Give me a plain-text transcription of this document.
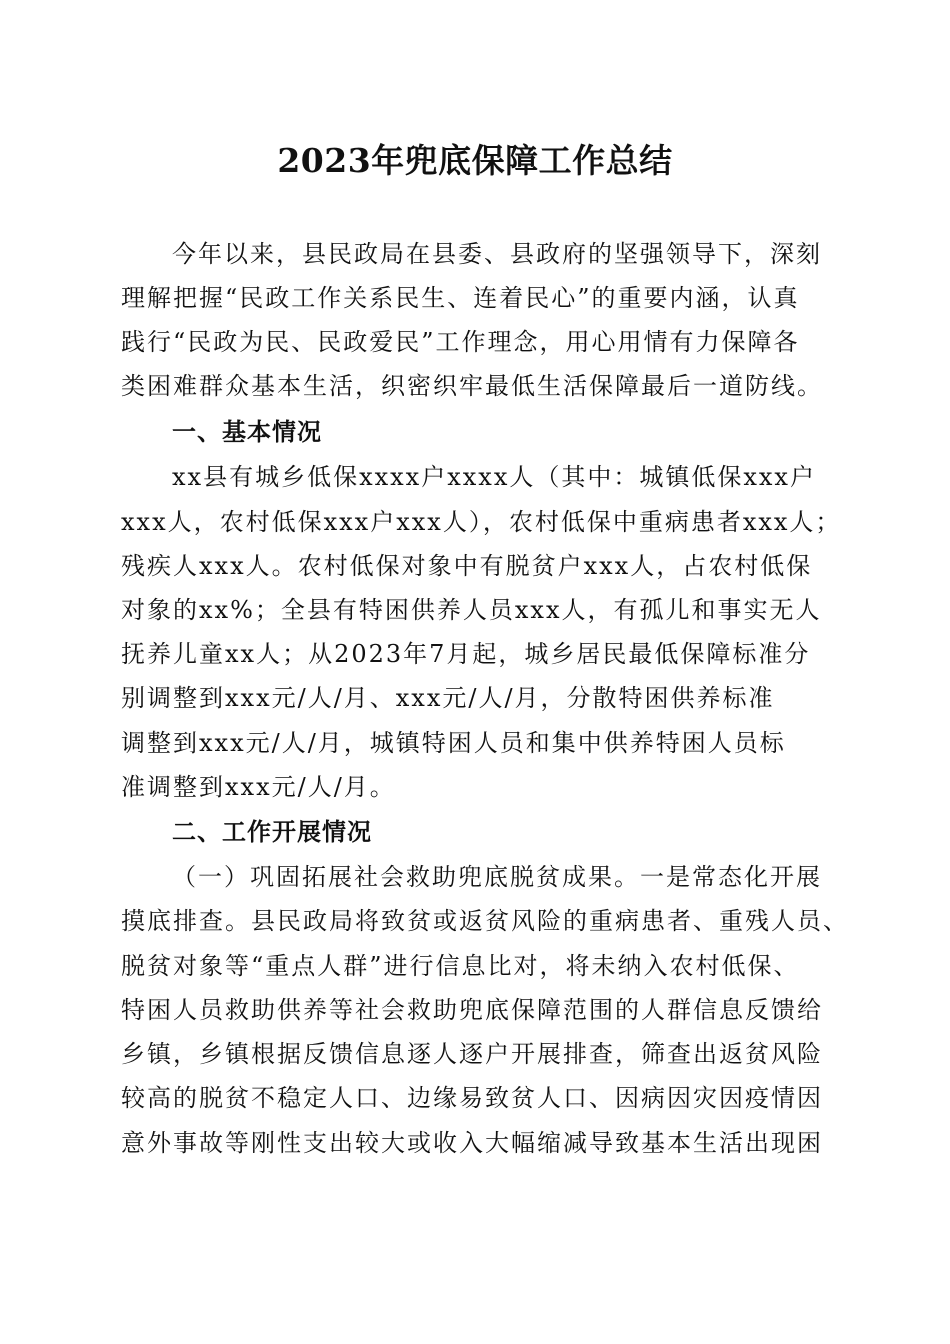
2023年兜底保障工作总结

今年以来，县民政局在县委、县政府的坚强领导下，深刻

理解把握“民政工作关系民生、连着民心”的重要内涵，认真

践行“民政为民、民政爱民”工作理念，用心用情有力保障各

类困难群众基本生活，织密织牢最低生活保障最后一道防线。

一、基本情况

xx县有城乡低保xxxx户xxxx人（其中：城镇低保xxx户

xxx人，农村低保xxx户xxx人），农村低保中重病患者xxx人；

残疾人xxx人。农村低保对象中有脱贫户xxx人，占农村低保

对象的xx%；全县有特困供养人员xxx人，有孤儿和事实无人

抚养儿童xx人；从2023年7月起，城乡居民最低保障标准分

别调整到xxx元/人/月、xxx元/人/月，分散特困供养标准

调整到xxx元/人/月，城镇特困人员和集中供养特困人员标

准调整到xxx元/人/月。

二、工作开展情况

（一）巩固拓展社会救助兜底脱贫成果。一是常态化开展

摸底排查。县民政局将致贫或返贫风险的重病患者、重残人员、

脱贫对象等“重点人群”进行信息比对，将未纳入农村低保、

特困人员救助供养等社会救助兜底保障范围的人群信息反馈给

乡镇，乡镇根据反馈信息逐人逐户开展排查，筛查出返贫风险

较高的脱贫不稳定人口、边缘易致贫人口、因病因灾因疫情因

意外事故等刚性支出较大或收入大幅缩减导致基本生活出现困
